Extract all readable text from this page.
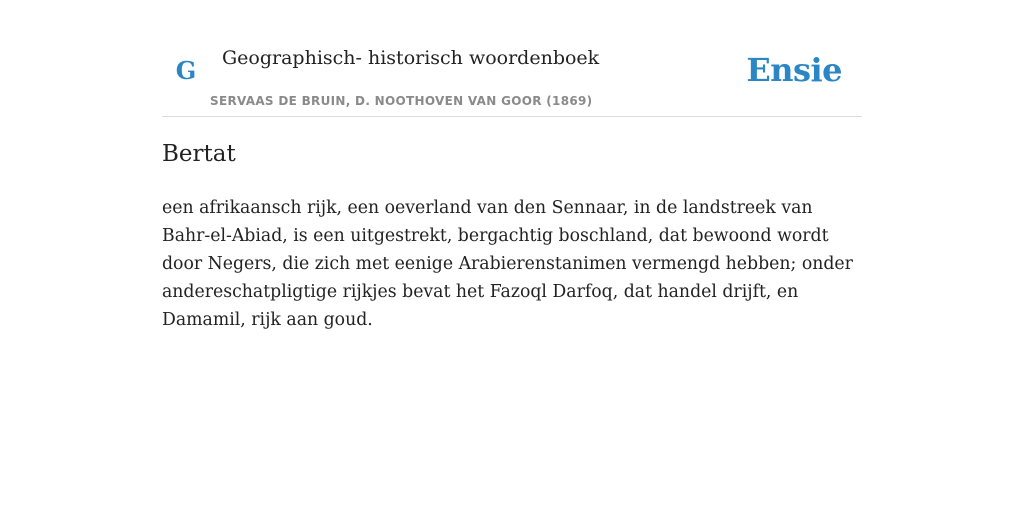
G	Geographisch- historisch woordenboek
SERVAAS DE BRUIN, D. NOOTHOVEN VAN GOOR (1869)
Ensie
Bertat

een afrikaansch rijk, een oeverland van den Sennaar, in de landstreek van Bahr-el-Abiad, is een uitgestrekt, bergachtig boschland, dat bewoond wordt door Negers, die zich met eenige Arabierenstanimen vermengd hebben; onder andereschatpligtige rijkjes bevat het Fazoql Darfoq, dat handel drijft, en Damamil, rijk aan goud.
